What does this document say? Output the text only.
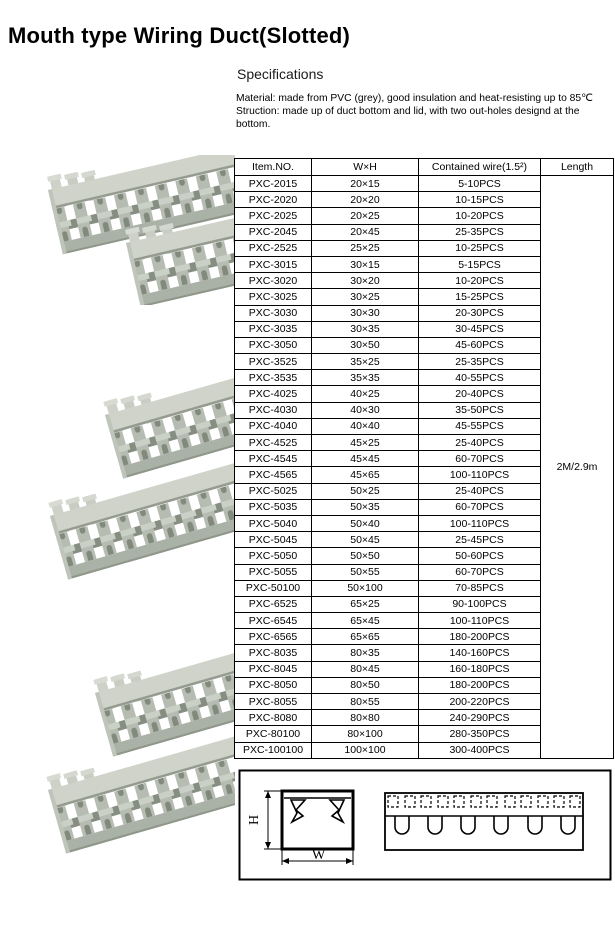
Mouth type Wiring Duct(Slotted)
Specifications
Material: made from PVC (grey), good insulation and heat-resisting up to 85℃
Struction: made up of duct bottom and lid, with two out-holes designd at the bottom.
Item.NO.	W×H	Contained wire(1.5²)	Length
PXC-2015	20×15	5-10PCS	2M/2.9m
PXC-2020	20×20	10-15PCS	
PXC-2025	20×25	10-20PCS	
PXC-2045	20×45	25-35PCS	
PXC-2525	25×25	10-25PCS	
PXC-3015	30×15	5-15PCS	
PXC-3020	30×20	10-20PCS	
PXC-3025	30×25	15-25PCS	
PXC-3030	30×30	20-30PCS	
PXC-3035	30×35	30-45PCS	
PXC-3050	30×50	45-60PCS	
PXC-3525	35×25	25-35PCS	
PXC-3535	35×35	40-55PCS	
PXC-4025	40×25	20-40PCS	
PXC-4030	40×30	35-50PCS	
PXC-4040	40×40	45-55PCS	
PXC-4525	45×25	25-40PCS	
PXC-4545	45×45	60-70PCS	
PXC-4565	45×65	100-110PCS	
PXC-5025	50×25	25-40PCS	
PXC-5035	50×35	60-70PCS	
PXC-5040	50×40	100-110PCS	
PXC-5045	50×45	25-45PCS	
PXC-5050	50×50	50-60PCS	
PXC-5055	50×55	60-70PCS	
PXC-50100	50×100	70-85PCS	
PXC-6525	65×25	90-100PCS	
PXC-6545	65×45	100-110PCS	
PXC-6565	65×65	180-200PCS	
PXC-8035	80×35	140-160PCS	
PXC-8045	80×45	160-180PCS	
PXC-8050	80×50	180-200PCS	
PXC-8055	80×55	200-220PCS	
PXC-8080	80×80	240-290PCS	
PXC-80100	80×100	280-350PCS	
PXC-100100	100×100	300-400PCS	
H
W
